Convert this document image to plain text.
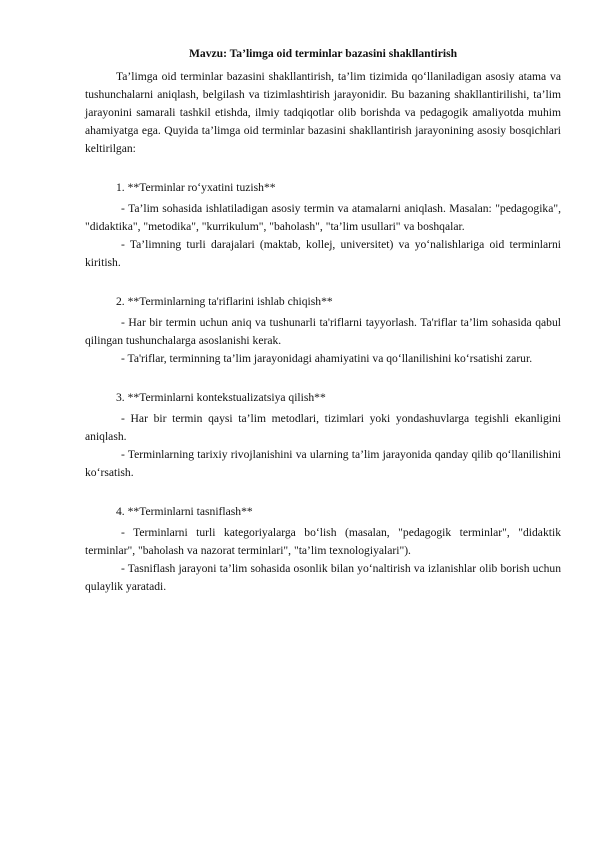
Mavzu: Ta’limga oid terminlar bazasini shakllantirish

Ta’limga oid terminlar bazasini shakllantirish, ta’lim tizimida qo‘llaniladigan asosiy atama va tushunchalarni aniqlash, belgilash va tizimlashtirish jarayonidir. Bu bazaning shakllantirilishi, ta’lim jarayonini samarali tashkil etishda, ilmiy tadqiqotlar olib borishda va pedagogik amaliyotda muhim ahamiyatga ega. Quyida ta’limga oid terminlar bazasini shakllantirish jarayonining asosiy bosqichlari keltirilgan:

1. **Terminlar ro‘yxatini tuzish**

- Ta’lim sohasida ishlatiladigan asosiy termin va atamalarni aniqlash. Masalan: "pedagogika", "didaktika", "metodika", "kurrikulum", "baholash", "ta’lim usullari" va boshqalar.

- Ta’limning turli darajalari (maktab, kollej, universitet) va yo‘nalishlariga oid terminlarni kiritish.

2. **Terminlarning ta'riflarini ishlab chiqish**

- Har bir termin uchun aniq va tushunarli ta'riflarni tayyorlash. Ta'riflar ta’lim sohasida qabul qilingan tushunchalarga asoslanishi kerak.

- Ta'riflar, terminning ta’lim jarayonidagi ahamiyatini va qo‘llanilishini ko‘rsatishi zarur.

3. **Terminlarni kontekstualizatsiya qilish**

- Har bir termin qaysi ta’lim metodlari, tizimlari yoki yondashuvlarga tegishli ekanligini aniqlash.

- Terminlarning tarixiy rivojlanishini va ularning ta’lim jarayonida qanday qilib qo‘llanilishini ko‘rsatish.

4. **Terminlarni tasniflash**

- Terminlarni turli kategoriyalarga bo‘lish (masalan, "pedagogik terminlar", "didaktik terminlar", "baholash va nazorat terminlari", "ta’lim texnologiyalari").

- Tasniflash jarayoni ta’lim sohasida osonlik bilan yo‘naltirish va izlanishlar olib borish uchun qulaylik yaratadi.
